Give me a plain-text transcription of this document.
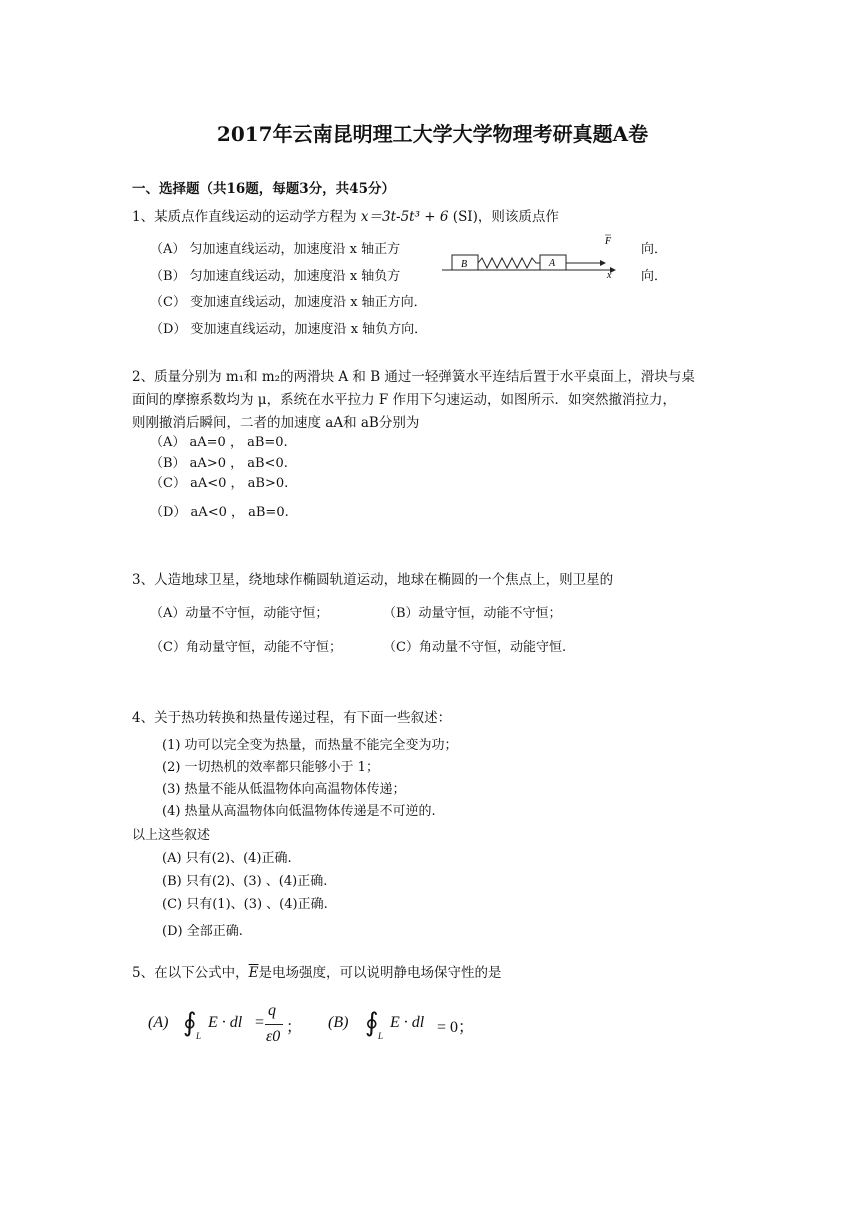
2017年云南昆明理工大学大学物理考研真题A卷
一、选择题（共16题，每题3分，共45分）
1、某质点作直线运动的运动学方程为 x＝3t-5t³ + 6 (SI)，则该质点作
（A） 匀加速直线运动，加速度沿 x 轴正方
（B） 匀加速直线运动，加速度沿 x 轴负方
（C） 变加速直线运动，加速度沿 x 轴正方向．
（D） 变加速直线运动，加速度沿 x 轴负方向．
向．
向．
B	A
F
x
2、质量分别为 m₁和 m₂的两滑块 A 和 B 通过一轻弹簧水平连结后置于水平桌面上，滑块与桌
面间的摩擦系数均为 μ，系统在水平拉力 F 作用下匀速运动，如图所示．如突然撤消拉力，
则刚撤消后瞬间，二者的加速度 aA和 aB分别为
（A） aA=0 ， aB=0.
（B） aA>0 ， aB<0.
（C） aA<0 ， aB>0.
（D） aA<0 ， aB=0.
3、人造地球卫星，绕地球作椭圆轨道运动，地球在椭圆的一个焦点上，则卫星的
（A）动量不守恒，动能守恒；	（B）动量守恒，动能不守恒；
（C）角动量守恒，动能不守恒；	（C）角动量不守恒，动能守恒.
4、关于热功转换和热量传递过程，有下面一些叙述：
(1) 功可以完全变为热量，而热量不能完全变为功；
(2) 一切热机的效率都只能够小于 1；
(3) 热量不能从低温物体向高温物体传递；
(4) 热量从高温物体向低温物体传递是不可逆的.
以上这些叙述
(A) 只有(2)、(4)正确.
(B) 只有(2)、(3) 、(4)正确.
(C) 只有(1)、(3) 、(4)正确.
(D) 全部正确.
5、在以下公式中，$\overline{E}$是电场强度，可以说明静电场保守性的是
(A) ∮ L
E · dl =
q
ε0
； (B) ∮ L
E · dl = 0；
